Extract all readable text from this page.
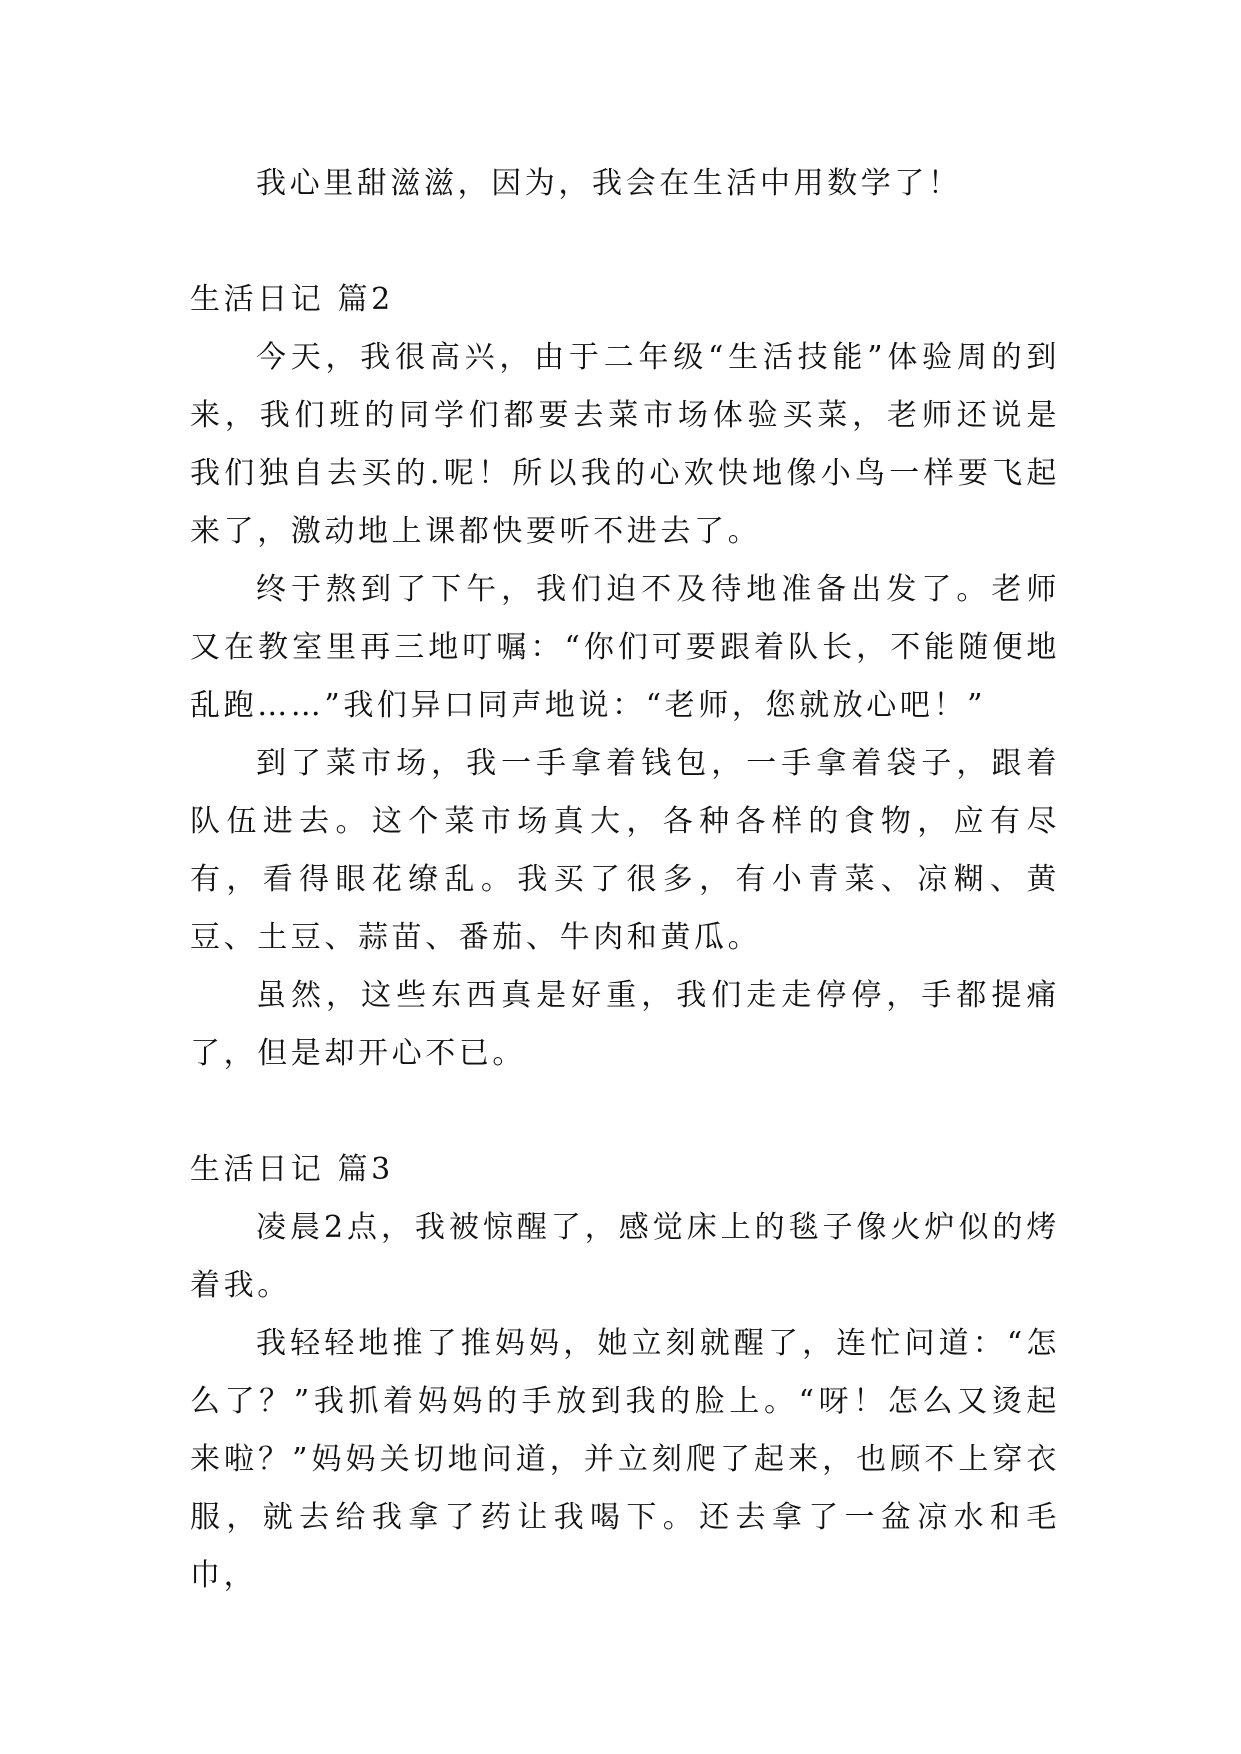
我心里甜滋滋，因为，我会在生活中用数学了！

生活日记 篇2

今天，我很高兴，由于二年级“生活技能”体验周的到来，我们班的同学们都要去菜市场体验买菜，老师还说是我们独自去买的.呢！所以我的心欢快地像小鸟一样要飞起来了，激动地上课都快要听不进去了。

终于熬到了下午，我们迫不及待地准备出发了。老师又在教室里再三地叮嘱：“你们可要跟着队长，不能随便地乱跑……”我们异口同声地说：“老师，您就放心吧！”

到了菜市场，我一手拿着钱包，一手拿着袋子，跟着队伍进去。这个菜市场真大，各种各样的食物，应有尽有，看得眼花缭乱。我买了很多，有小青菜、凉糊、黄豆、土豆、蒜苗、番茄、牛肉和黄瓜。

虽然，这些东西真是好重，我们走走停停，手都提痛了，但是却开心不已。

生活日记 篇3

凌晨2点，我被惊醒了，感觉床上的毯子像火炉似的烤着我。

我轻轻地推了推妈妈，她立刻就醒了，连忙问道：“怎么了？”我抓着妈妈的手放到我的脸上。“呀！怎么又烫起来啦？”妈妈关切地问道，并立刻爬了起来，也顾不上穿衣服，就去给我拿了药让我喝下。还去拿了一盆凉水和毛巾，
